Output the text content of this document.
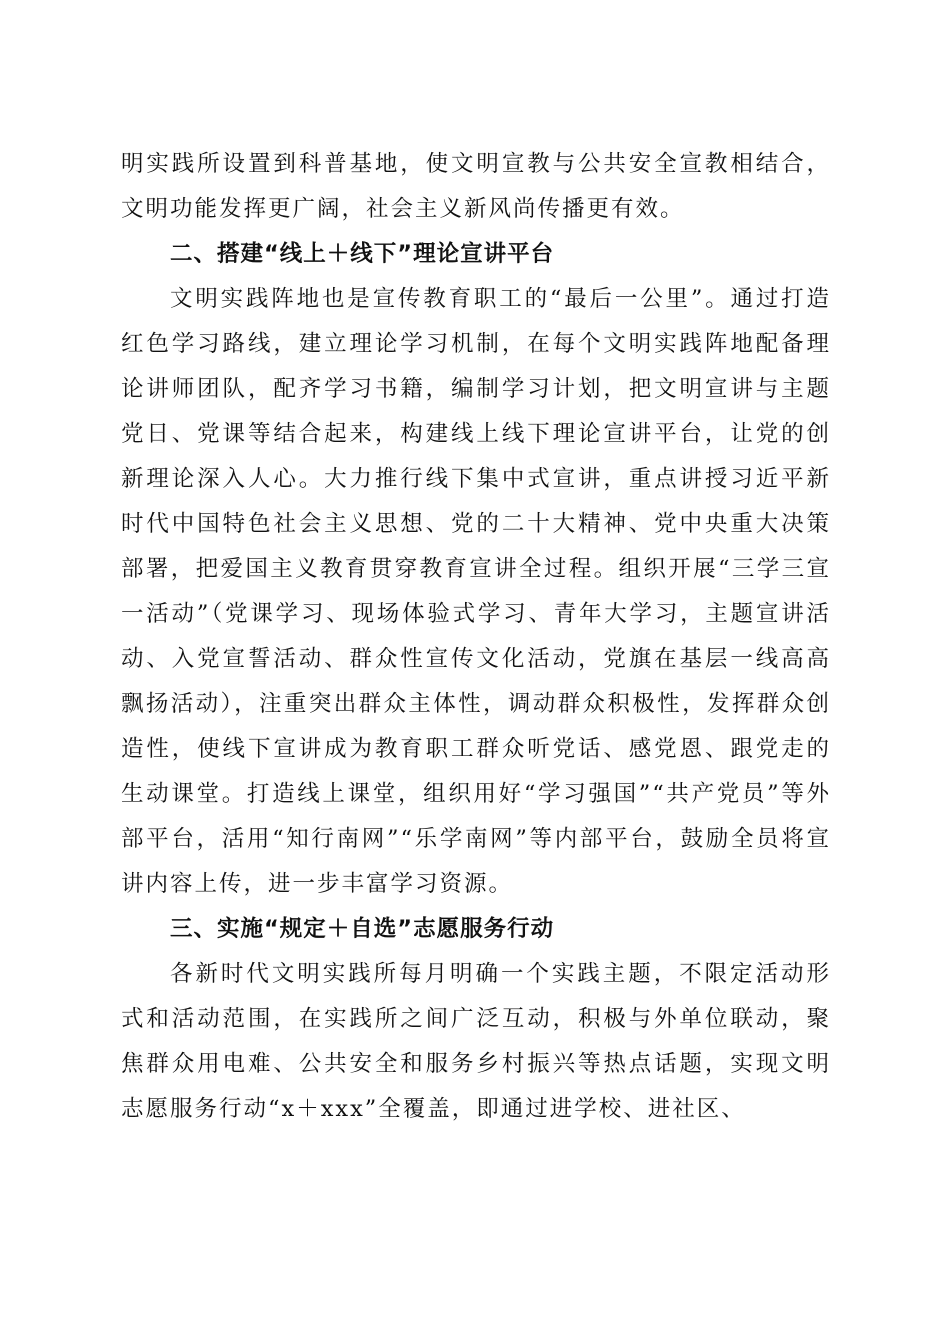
明实践所设置到科普基地，使文明宣教与公共安全宣教相结合，文明功能发挥更广阔，社会主义新风尚传播更有效。

二、搭建“线上＋线下”理论宣讲平台

文明实践阵地也是宣传教育职工的“最后一公里”。通过打造红色学习路线，建立理论学习机制，在每个文明实践阵地配备理论讲师团队，配齐学习书籍，编制学习计划，把文明宣讲与主题党日、党课等结合起来，构建线上线下理论宣讲平台，让党的创新理论深入人心。大力推行线下集中式宣讲，重点讲授习近平新时代中国特色社会主义思想、党的二十大精神、党中央重大决策部署，把爱国主义教育贯穿教育宣讲全过程。组织开展“三学三宣一活动”（党课学习、现场体验式学习、青年大学习，主题宣讲活动、入党宣誓活动、群众性宣传文化活动，党旗在基层一线高高飘扬活动），注重突出群众主体性，调动群众积极性，发挥群众创造性，使线下宣讲成为教育职工群众听党话、感党恩、跟党走的生动课堂。打造线上课堂，组织用好“学习强国”“共产党员”等外部平台，活用“知行南网”“乐学南网”等内部平台，鼓励全员将宣讲内容上传，进一步丰富学习资源。

三、实施“规定＋自选”志愿服务行动

各新时代文明实践所每月明确一个实践主题，不限定活动形式和活动范围，在实践所之间广泛互动，积极与外单位联动，聚焦群众用电难、公共安全和服务乡村振兴等热点话题，实现文明志愿服务行动“x＋xxx”全覆盖，即通过进学校、进社区、
